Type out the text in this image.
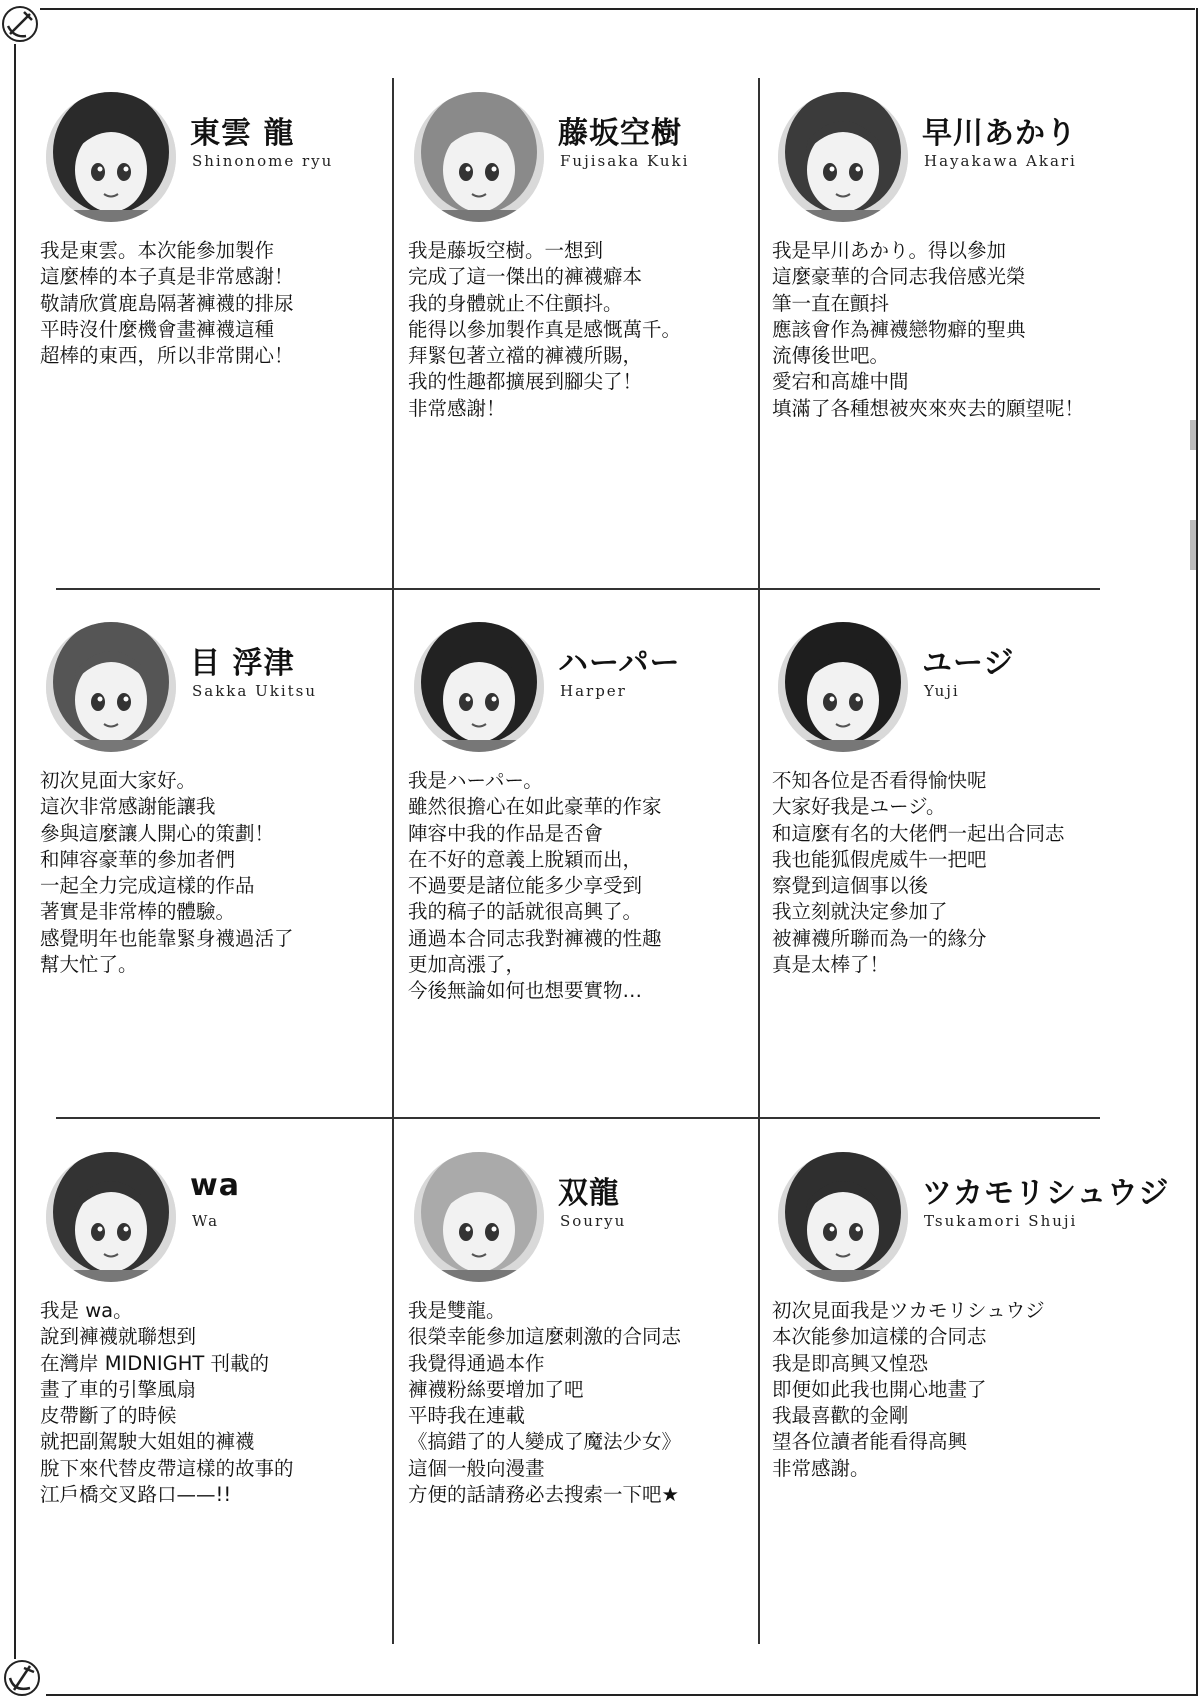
東雲 龍
Shinonome ryu
我是東雲。本次能參加製作
這麼棒的本子真是非常感謝！
敬請欣賞鹿島隔著褲襪的排尿
平時沒什麼機會畫褲襪這種
超棒的東西，所以非常開心！
藤坂空樹
Fujisaka Kuki
我是藤坂空樹。一想到
完成了這一傑出的褲襪癖本
我的身體就止不住顫抖。
能得以參加製作真是感慨萬千。
拜緊包著立襠的褲襪所賜，
我的性趣都擴展到腳尖了！
非常感謝！
早川あかり
Hayakawa Akari
我是早川あかり。得以參加
這麼豪華的合同志我倍感光榮
筆一直在顫抖
應該會作為褲襪戀物癖的聖典
流傳後世吧。
愛宕和高雄中間
填滿了各種想被夾來夾去的願望呢！
目 浮津
Sakka Ukitsu
初次見面大家好。
這次非常感謝能讓我
參與這麼讓人開心的策劃！
和陣容豪華的參加者們
一起全力完成這樣的作品
著實是非常棒的體驗。
感覺明年也能靠緊身襪過活了
幫大忙了。
ハーパー
Harper
我是ハーパー。
雖然很擔心在如此豪華的作家
陣容中我的作品是否會
在不好的意義上脫穎而出，
不過要是諸位能多少享受到
我的稿子的話就很高興了。
通過本合同志我對褲襪的性趣
更加高漲了，
今後無論如何也想要實物…
ユージ
Yuji
不知各位是否看得愉快呢
大家好我是ユージ。
和這麼有名的大佬們一起出合同志
我也能狐假虎威牛一把吧
察覺到這個事以後
我立刻就決定參加了
被褲襪所聯而為一的緣分
真是太棒了！
wa
Wa
我是 wa。
說到褲襪就聯想到
在灣岸 MIDNIGHT 刊載的
畫了車的引擎風扇
皮帶斷了的時候
就把副駕駛大姐姐的褲襪
脫下來代替皮帶這樣的故事的
江戶橋交叉路口——!!
双龍
Souryu
我是雙龍。
很榮幸能參加這麼刺激的合同志
我覺得通過本作
褲襪粉絲要增加了吧
平時我在連載
《搞錯了的人變成了魔法少女》
這個一般向漫畫
方便的話請務必去搜索一下吧★
ツカモリシュウジ
Tsukamori Shuji
初次見面我是ツカモリシュウジ
本次能參加這樣的合同志
我是即高興又惶恐
即便如此我也開心地畫了
我最喜歡的金剛
望各位讀者能看得高興
非常感謝。
